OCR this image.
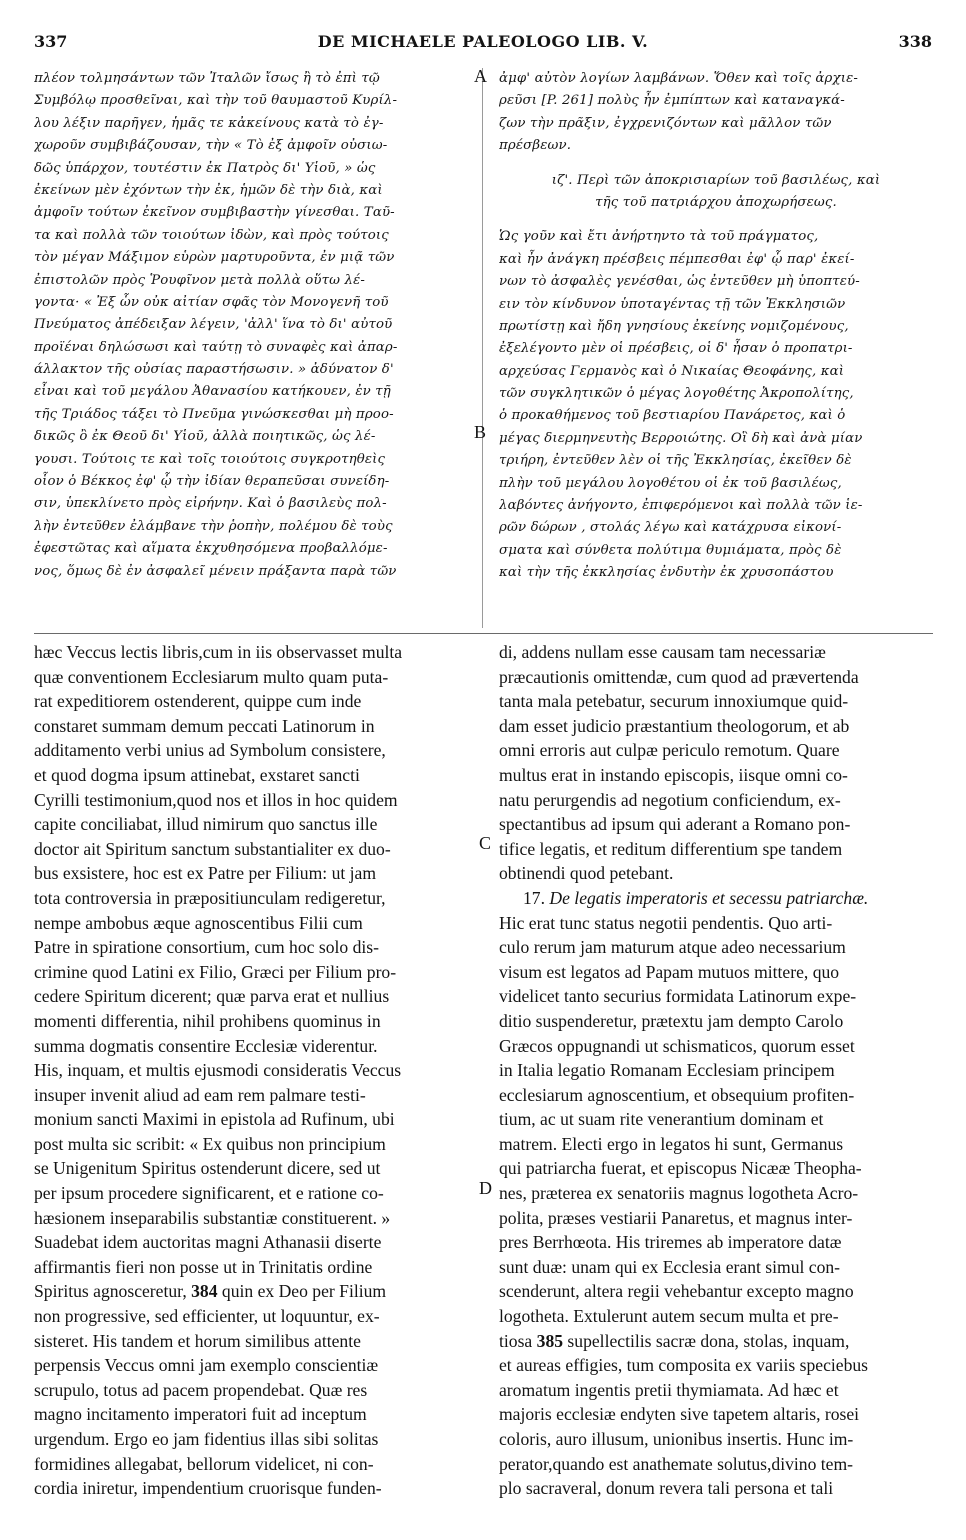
337	DE MICHAELE PALEOLOGO LIB. V.	338
A
B
C
D
πλέον τολμησάντων τῶν Ἰταλῶν ἴσως ἢ τὸ ἐπὶ τῷ
Συμβόλῳ προσθεῖναι, καὶ τὴν τοῦ θαυμαστοῦ Κυρίλ-
λου λέξιν παρῆγεν, ἡμᾶς τε κἀκείνους κατὰ τὸ ἐγ-
χωροῦν συμβιβάζουσαν, τὴν « Τὸ ἐξ ἀμφοῖν οὐσιω-
δῶς ὑπάρχον, τουτέστιν ἐκ Πατρὸς δι' Υἱοῦ, » ὡς
ἐκείνων μὲν ἐχόντων τὴν ἐκ, ἡμῶν δὲ τὴν διὰ, καὶ
ἀμφοῖν τούτων ἐκεῖνον συμβιβαστὴν γίνεσθαι. Ταῦ-
τα καὶ πολλὰ τῶν τοιούτων ἰδὼν, καὶ πρὸς τούτοις
τὸν μέγαν Μάξιμον εὑρὼν μαρτυροῦντα, ἐν μιᾷ τῶν
ἐπιστολῶν πρὸς Ῥουφῖνον μετὰ πολλὰ οὕτω λέ-
γοντα· « Ἐξ ὧν οὐκ αἰτίαν σφᾶς τὸν Μονογενῆ τοῦ
Πνεύματος ἀπέδειξαν λέγειν, 'ἀλλ' ἵνα τὸ δι' αὐτοῦ
προϊέναι δηλώσωσι καὶ ταύτῃ τὸ συναφὲς καὶ ἀπαρ-
άλλακτον τῆς οὐσίας παραστήσωσιν. » ἀδύνατον δ'
εἶναι καὶ τοῦ μεγάλου Ἀθανασίου κατήκουεν, ἐν τῇ
τῆς Τριάδος τάξει τὸ Πνεῦμα γινώσκεσθαι μὴ προο-
δικῶς ὂ ἐκ Θεοῦ δι' Υἱοῦ, ἀλλὰ ποιητικῶς, ὡς λέ-
γουσι. Τούτοις τε καὶ τοῖς τοιούτοις συγκροτηθεὶς
οἷον ὁ Βέκκος ἐφ' ᾧ τὴν ἰδίαν θεραπεῦσαι συνείδη-
σιν, ὑπεκλίνετο πρὸς εἰρήνην. Καὶ ὁ βασιλεὺς πολ-
λὴν ἐντεῦθεν ἐλάμβανε τὴν ῥοπὴν, πολέμου δὲ τοὺς
ἐφεστῶτας καὶ αἵματα ἐκχυθησόμενα προβαλλόμε-
νος, ὅμως δὲ ἐν ἀσφαλεῖ μένειν πράξαντα παρὰ τῶν
ἀμφ' αὐτὸν λογίων λαμβάνων. Ὅθεν καὶ τοῖς ἀρχιε-
ρεῦσι [P. 261] πολὺς ἦν ἐμπίπτων καὶ καταναγκά-
ζων τὴν πρᾶξιν, ἐγχρενιζόντων καὶ μᾶλλον τῶν
πρέσβεων.
ιζ'. Περὶ τῶν ἀποκρισιαρίων τοῦ βασιλέως, καὶ
τῆς τοῦ πατριάρχου ἀποχωρήσεως.
Ὡς γοῦν καὶ ἔτι ἀνήρτηντο τὰ τοῦ πράγματος,
καὶ ἦν ἀνάγκη πρέσβεις πέμπεσθαι ἐφ' ᾧ παρ' ἐκεί-
νων τὸ ἀσφαλὲς γενέσθαι, ὡς ἐντεῦθεν μὴ ὑποπτεύ-
ειν τὸν κίνδυνον ὑποταγέντας τῇ τῶν Ἐκκλησιῶν
πρωτίστῃ καὶ ἤδη γνησίους ἐκείνης νομιζομένους,
ἐξελέγοντο μὲν οἱ πρέσβεις, οἱ δ' ἦσαν ὁ προπατρι-
αρχεύσας Γερμανὸς καὶ ὁ Νικαίας Θεοφάνης, καὶ
τῶν συγκλητικῶν ὁ μέγας λογοθέτης Ἀκροπολίτης,
ὁ προκαθήμενος τοῦ βεστιαρίου Πανάρετος, καὶ ὁ
μέγας διερμηνευτὴς Βερροιώτης. Οἳ δὴ καὶ ἀνὰ μίαν
τριήρη, ἐντεῦθεν λὲν οἱ τῆς Ἐκκλησίας, ἐκεῖθεν δὲ
πλὴν τοῦ μεγάλου λογοθέτου οἱ ἐκ τοῦ βασιλέως,
λαβόντες ἀνήγοντο, ἐπιφερόμενοι καὶ πολλὰ τῶν ἱε-
ρῶν δώρων , στολάς λέγω καὶ κατάχρυσα εἰκονί-
σματα καὶ σύνθετα πολύτιμα θυμιάματα, πρὸς δὲ
καὶ τὴν τῆς ἐκκλησίας ἐνδυτὴν ἐκ χρυσοπάστου
hæc Veccus lectis libris,cum in iis observasset multa
quæ conventionem Ecclesiarum multo quam puta-
rat expeditiorem ostenderent, quippe cum inde
constaret summam demum peccati Latinorum in
additamento verbi unius ad Symbolum consistere,
et quod dogma ipsum attinebat, exstaret sancti
Cyrilli testimonium,quod nos et illos in hoc quidem
capite conciliabat, illud nimirum quo sanctus ille
doctor ait Spiritum sanctum substantialiter ex duo-
bus exsistere, hoc est ex Patre per Filium: ut jam
tota controversia in præpositiunculam redigeretur,
nempe ambobus æque agnoscentibus Filii cum
Patre in spiratione consortium, cum hoc solo dis-
crimine quod Latini ex Filio, Græci per Filium pro-
cedere Spiritum dicerent; quæ parva erat et nullius
momenti differentia, nihil prohibens quominus in
summa dogmatis consentire Ecclesiæ viderentur.
His, inquam, et multis ejusmodi consideratis Veccus
insuper invenit aliud ad eam rem palmare testi-
monium sancti Maximi in epistola ad Rufinum, ubi
post multa sic scribit: « Ex quibus non principium
se Unigenitum Spiritus ostenderunt dicere, sed ut
per ipsum procedere significarent, et e ratione co-
hæsionem inseparabilis substantiæ constituerent. »
Suadebat idem auctoritas magni Athanasii diserte
affirmantis fieri non posse ut in Trinitatis ordine
Spiritus agnosceretur, 384 quin ex Deo per Filium
non progressive, sed efficienter, ut loquuntur, ex-
sisteret. His tandem et horum similibus attente
perpensis Veccus omni jam exemplo conscientiæ
scrupulo, totus ad pacem propendebat. Quæ res
magno incitamento imperatori fuit ad inceptum
urgendum. Ergo eo jam fidentius illas sibi solitas
formidines allegabat, bellorum videlicet, ni con-
cordia iniretur, impendentium cruorisque funden-
di, addens nullam esse causam tam necessariæ
præcautionis omittendæ, cum quod ad prævertenda
tanta mala petebatur, securum innoxiumque quid-
dam esset judicio præstantium theologorum, et ab
omni erroris aut culpæ periculo remotum. Quare
multus erat in instando episcopis, iisque omni co-
natu perurgendis ad negotium conficiendum, ex-
spectantibus ad ipsum qui aderant a Romano pon-
tifice legatis, et reditum differentium spe tandem
obtinendi quod petebant.
17. De legatis imperatoris et secessu patriarchæ.
Hic erat tunc status negotii pendentis. Quo arti-
culo rerum jam maturum atque adeo necessarium
visum est legatos ad Papam mutuos mittere, quo
videlicet tanto securius formidata Latinorum expe-
ditio suspenderetur, prætextu jam dempto Carolo
Græcos oppugnandi ut schismaticos, quorum esset
in Italia legatio Romanam Ecclesiam principem
ecclesiarum agnoscentium, et obsequium profiten-
tium, ac ut suam rite venerantium dominam et
matrem. Electi ergo in legatos hi sunt, Germanus
qui patriarcha fuerat, et episcopus Nicææ Theopha-
nes, præterea ex senatoriis magnus logotheta Acro-
polita, præses vestiarii Panaretus, et magnus inter-
pres Berrhœota. His triremes ab imperatore datæ
sunt duæ: unam qui ex Ecclesia erant simul con-
scenderunt, altera regii vehebantur excepto magno
logotheta. Extulerunt autem secum multa et pre-
tiosa 385 supellectilis sacræ dona, stolas, inquam,
et aureas effigies, tum composita ex variis speciebus
aromatum ingentis pretii thymiamata. Ad hæc et
majoris ecclesiæ endyten sive tapetem altaris, rosei
coloris, auro illusum, unionibus insertis. Hunc im-
perator,quando est anathemate solutus,divino tem-
plo sacraveral, donum revera tali persona et tali
